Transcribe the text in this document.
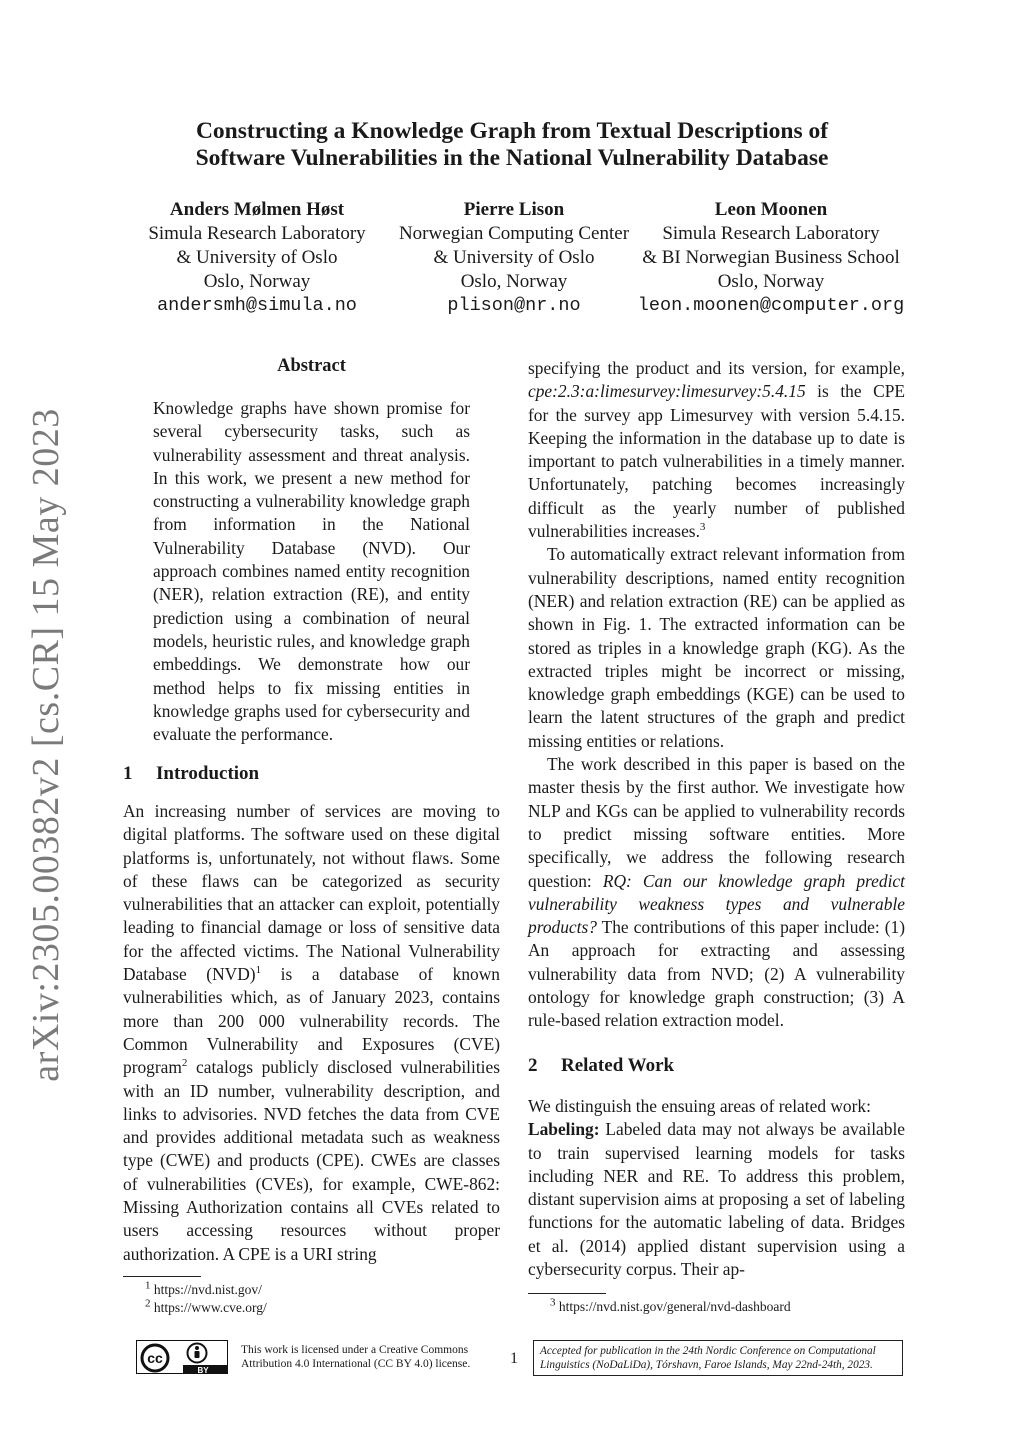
arXiv:2305.00382v2 [cs.CR] 15 May 2023
Constructing a Knowledge Graph from Textual Descriptions of
Software Vulnerabilities in the National Vulnerability Database
Anders Mølmen Høst
Simula Research Laboratory
& University of Oslo
Oslo, Norway
andersmh@simula.no
Pierre Lison
Norwegian Computing Center
& University of Oslo
Oslo, Norway
plison@nr.no
Leon Moonen
Simula Research Laboratory
& BI Norwegian Business School
Oslo, Norway
leon.moonen@computer.org
Abstract
Knowledge graphs have shown promise for several cybersecurity tasks, such as vulnerability assessment and threat analysis. In this work, we present a new method for constructing a vulnerability knowledge graph from information in the National Vulnerability Database (NVD). Our approach combines named entity recognition (NER), relation extraction (RE), and entity prediction using a combination of neural models, heuristic rules, and knowledge graph embeddings. We demonstrate how our method helps to fix missing entities in knowledge graphs used for cybersecurity and evaluate the performance.
1 Introduction

An increasing number of services are moving to digital platforms. The software used on these digital platforms is, unfortunately, not without flaws. Some of these flaws can be categorized as security vulnerabilities that an attacker can exploit, potentially leading to financial damage or loss of sensitive data for the affected victims. The National Vulnerability Database (NVD)$^1$ is a database of known vulnerabilities which, as of January 2023, contains more than 200 000 vulnerability records. The Common Vulnerability and Exposures (CVE) program$^2$ catalogs publicly disclosed vulnerabilities with an ID number, vulnerability description, and links to advisories. NVD fetches the data from CVE and provides additional metadata such as weakness type (CWE) and products (CPE). CWEs are classes of vulnerabilities (CVEs), for example, CWE-862: Missing Authorization contains all CVEs related to users accessing resources without proper authorization. A CPE is a URI string

$^1$ https://nvd.nist.gov/
$^2$ https://www.cve.org/

specifying the product and its version, for example, cpe:2.3:a:limesurvey:limesurvey:5.4.15 is the CPE for the survey app Limesurvey with version 5.4.15. Keeping the information in the database up to date is important to patch vulnerabilities in a timely manner. Unfortunately, patching becomes increasingly difficult as the yearly number of published vulnerabilities increases.$^3$

To automatically extract relevant information from vulnerability descriptions, named entity recognition (NER) and relation extraction (RE) can be applied as shown in Fig. 1. The extracted information can be stored as triples in a knowledge graph (KG). As the extracted triples might be incorrect or missing, knowledge graph embeddings (KGE) can be used to learn the latent structures of the graph and predict missing entities or relations.

The work described in this paper is based on the master thesis by the first author. We investigate how NLP and KGs can be applied to vulnerability records to predict missing software entities. More specifically, we address the following research question: RQ: Can our knowledge graph predict vulnerability weakness types and vulnerable products? The contributions of this paper include: (1) An approach for extracting and assessing vulnerability data from NVD; (2) A vulnerability ontology for knowledge graph construction; (3) A rule-based relation extraction model.

2 Related Work

We distinguish the ensuing areas of related work:

Labeling: Labeled data may not always be available to train supervised learning models for tasks including NER and RE. To address this problem, distant supervision aims at proposing a set of labeling functions for the automatic labeling of data. Bridges et al. (2014) applied distant supervision using a cybersecurity corpus. Their ap-

$^3$ https://nvd.nist.gov/general/nvd-dashboard
cc
BY
This work is licensed under a Creative Commons
Attribution 4.0 International (CC BY 4.0) license.	1 Accepted for publication in the 24th Nordic Conference on Computational
Linguistics (NoDaLiDa), Tórshavn, Faroe Islands, May 22nd-24th, 2023.
